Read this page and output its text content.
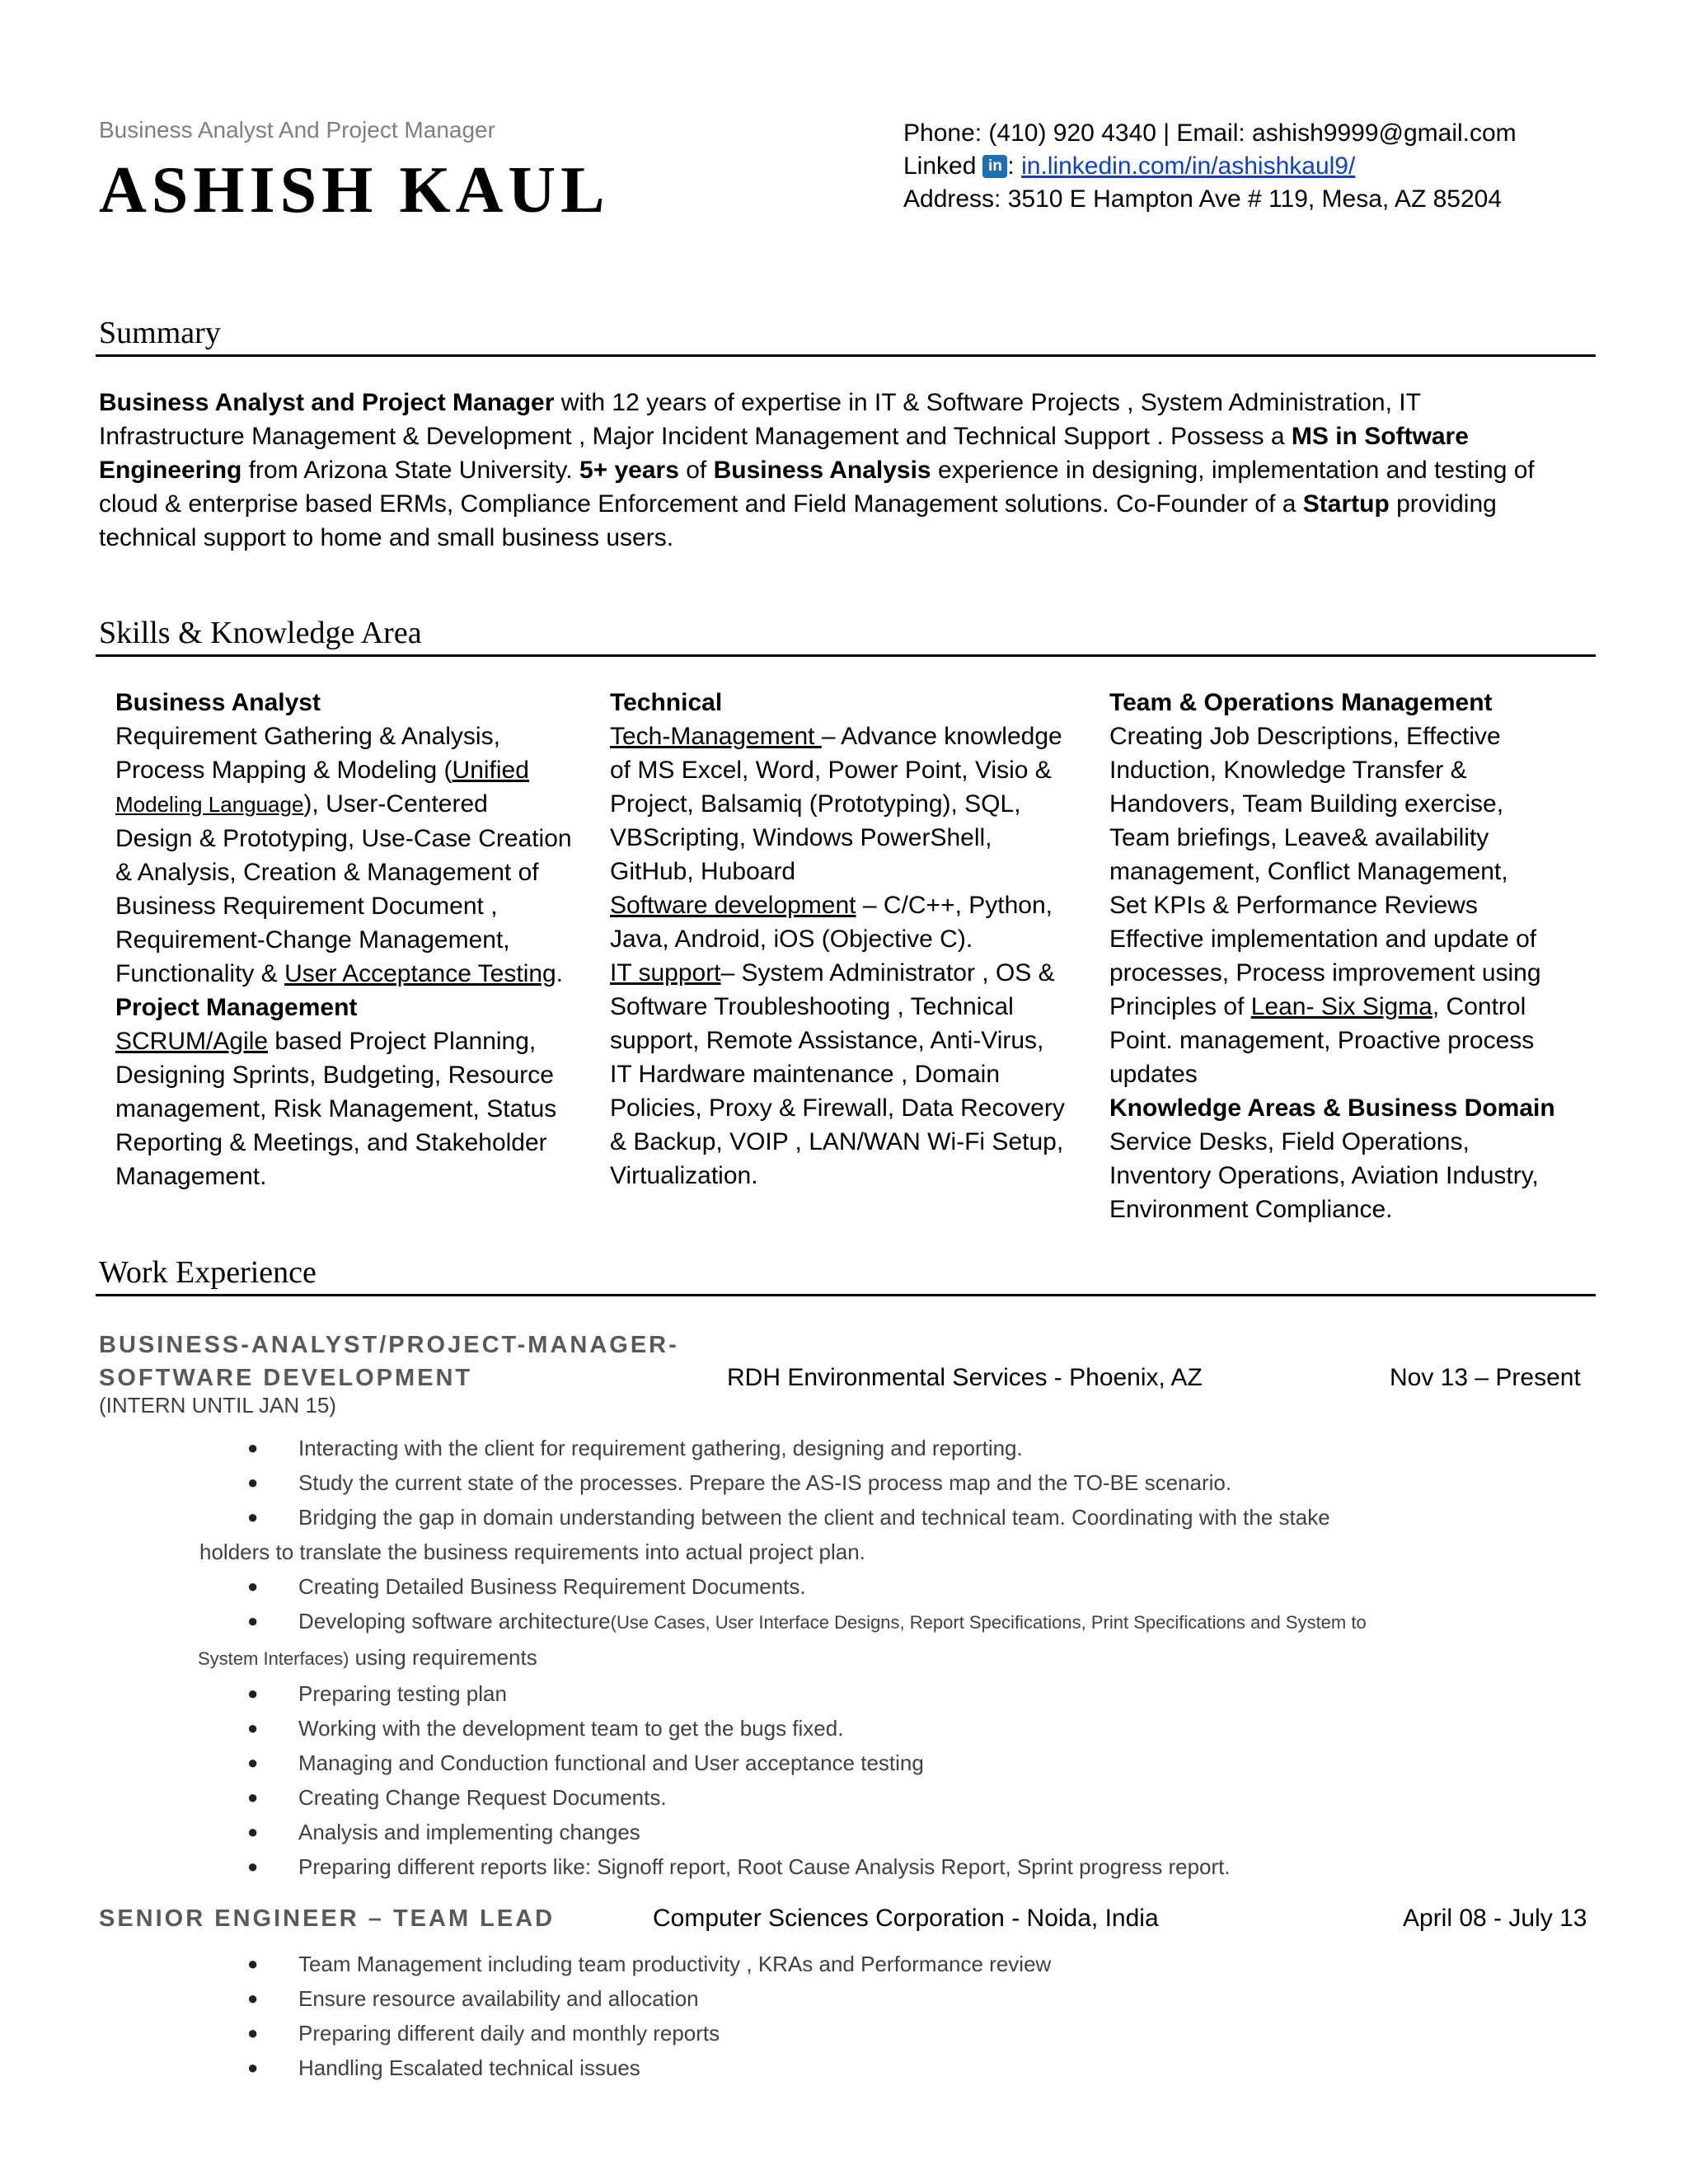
Business Analyst And Project Manager
ASHISH KAUL
Phone: (410) 920 4340 | Email: ashish9999@gmail.com
Linked in : in.linkedin.com/in/ashishkaul9/
Address: 3510 E Hampton Ave # 119, Mesa, AZ 85204
Summary
Business Analyst and Project Manager with 12 years of expertise in IT & Software Projects , System Administration, IT Infrastructure Management & Development , Major Incident Management and Technical Support . Possess a MS in Software Engineering from Arizona State University. 5+ years of Business Analysis experience in designing, implementation and testing of cloud & enterprise based ERMs, Compliance Enforcement and Field Management solutions. Co-Founder of a Startup providing technical support to home and small business users.
Skills & Knowledge Area
Business Analyst
Requirement Gathering & Analysis,
Process Mapping & Modeling (Unified
Modeling Language), User-Centered
Design & Prototyping, Use-Case Creation
& Analysis, Creation & Management of
Business Requirement Document ,
Requirement-Change Management,
Functionality & User Acceptance Testing.
Project Management
SCRUM/Agile based Project Planning,
Designing Sprints, Budgeting, Resource
management, Risk Management, Status
Reporting & Meetings, and Stakeholder
Management.
Technical
Tech-Management – Advance knowledge
of MS Excel, Word, Power Point, Visio &
Project, Balsamiq (Prototyping), SQL,
VBScripting, Windows PowerShell,
GitHub, Huboard
Software development – C/C++, Python,
Java, Android, iOS (Objective C).
IT support– System Administrator , OS &
Software Troubleshooting , Technical
support, Remote Assistance, Anti-Virus,
IT Hardware maintenance , Domain
Policies, Proxy & Firewall, Data Recovery
& Backup, VOIP , LAN/WAN Wi-Fi Setup,
Virtualization.
Team & Operations Management
Creating Job Descriptions, Effective
Induction, Knowledge Transfer &
Handovers, Team Building exercise,
Team briefings, Leave& availability
management, Conflict Management,
Set KPIs & Performance Reviews
Effective implementation and update of
processes, Process improvement using
Principles of Lean- Six Sigma, Control
Point. management, Proactive process
updates
Knowledge Areas & Business Domain
Service Desks, Field Operations,
Inventory Operations, Aviation Industry,
Environment Compliance.
Work Experience
BUSINESS-ANALYST/PROJECT-MANAGER-
SOFTWARE DEVELOPMENT	RDH Environmental Services - Phoenix, AZ	Nov 13 – Present
(INTERN UNTIL JAN 15)
● Interacting with the client for requirement gathering, designing and reporting.
● Study the current state of the processes. Prepare the AS-IS process map and the TO-BE scenario.
● Bridging the gap in domain understanding between the client and technical team. Coordinating with the stake
holders to translate the business requirements into actual project plan.
● Creating Detailed Business Requirement Documents.
● Developing software architecture(Use Cases, User Interface Designs, Report Specifications, Print Specifications and System to
System Interfaces) using requirements
● Preparing testing plan
● Working with the development team to get the bugs fixed.
● Managing and Conduction functional and User acceptance testing
● Creating Change Request Documents.
● Analysis and implementing changes
● Preparing different reports like: Signoff report, Root Cause Analysis Report, Sprint progress report.
SENIOR ENGINEER – TEAM LEAD	Computer Sciences Corporation - Noida, India	April 08 - July 13
● Team Management including team productivity , KRAs and Performance review
● Ensure resource availability and allocation
● Preparing different daily and monthly reports
● Handling Escalated technical issues
